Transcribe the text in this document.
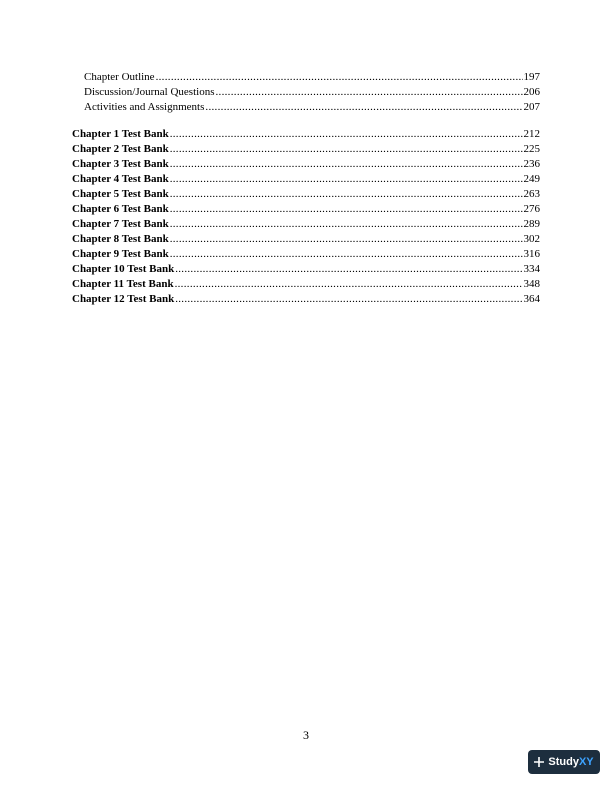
Chapter Outline .....	197
Discussion/Journal Questions .....	206
Activities and Assignments .....	207
Chapter 1 Test Bank .....	212
Chapter 2 Test Bank .....	225
Chapter 3 Test Bank .....	236
Chapter 4 Test Bank .....	249
Chapter 5 Test Bank .....	263
Chapter 6 Test Bank .....	276
Chapter 7 Test Bank .....	289
Chapter 8 Test Bank .....	302
Chapter 9 Test Bank .....	316
Chapter 10 Test Bank .....	334
Chapter 11 Test Bank .....	348
Chapter 12 Test Bank .....	364
3
StudyXY
